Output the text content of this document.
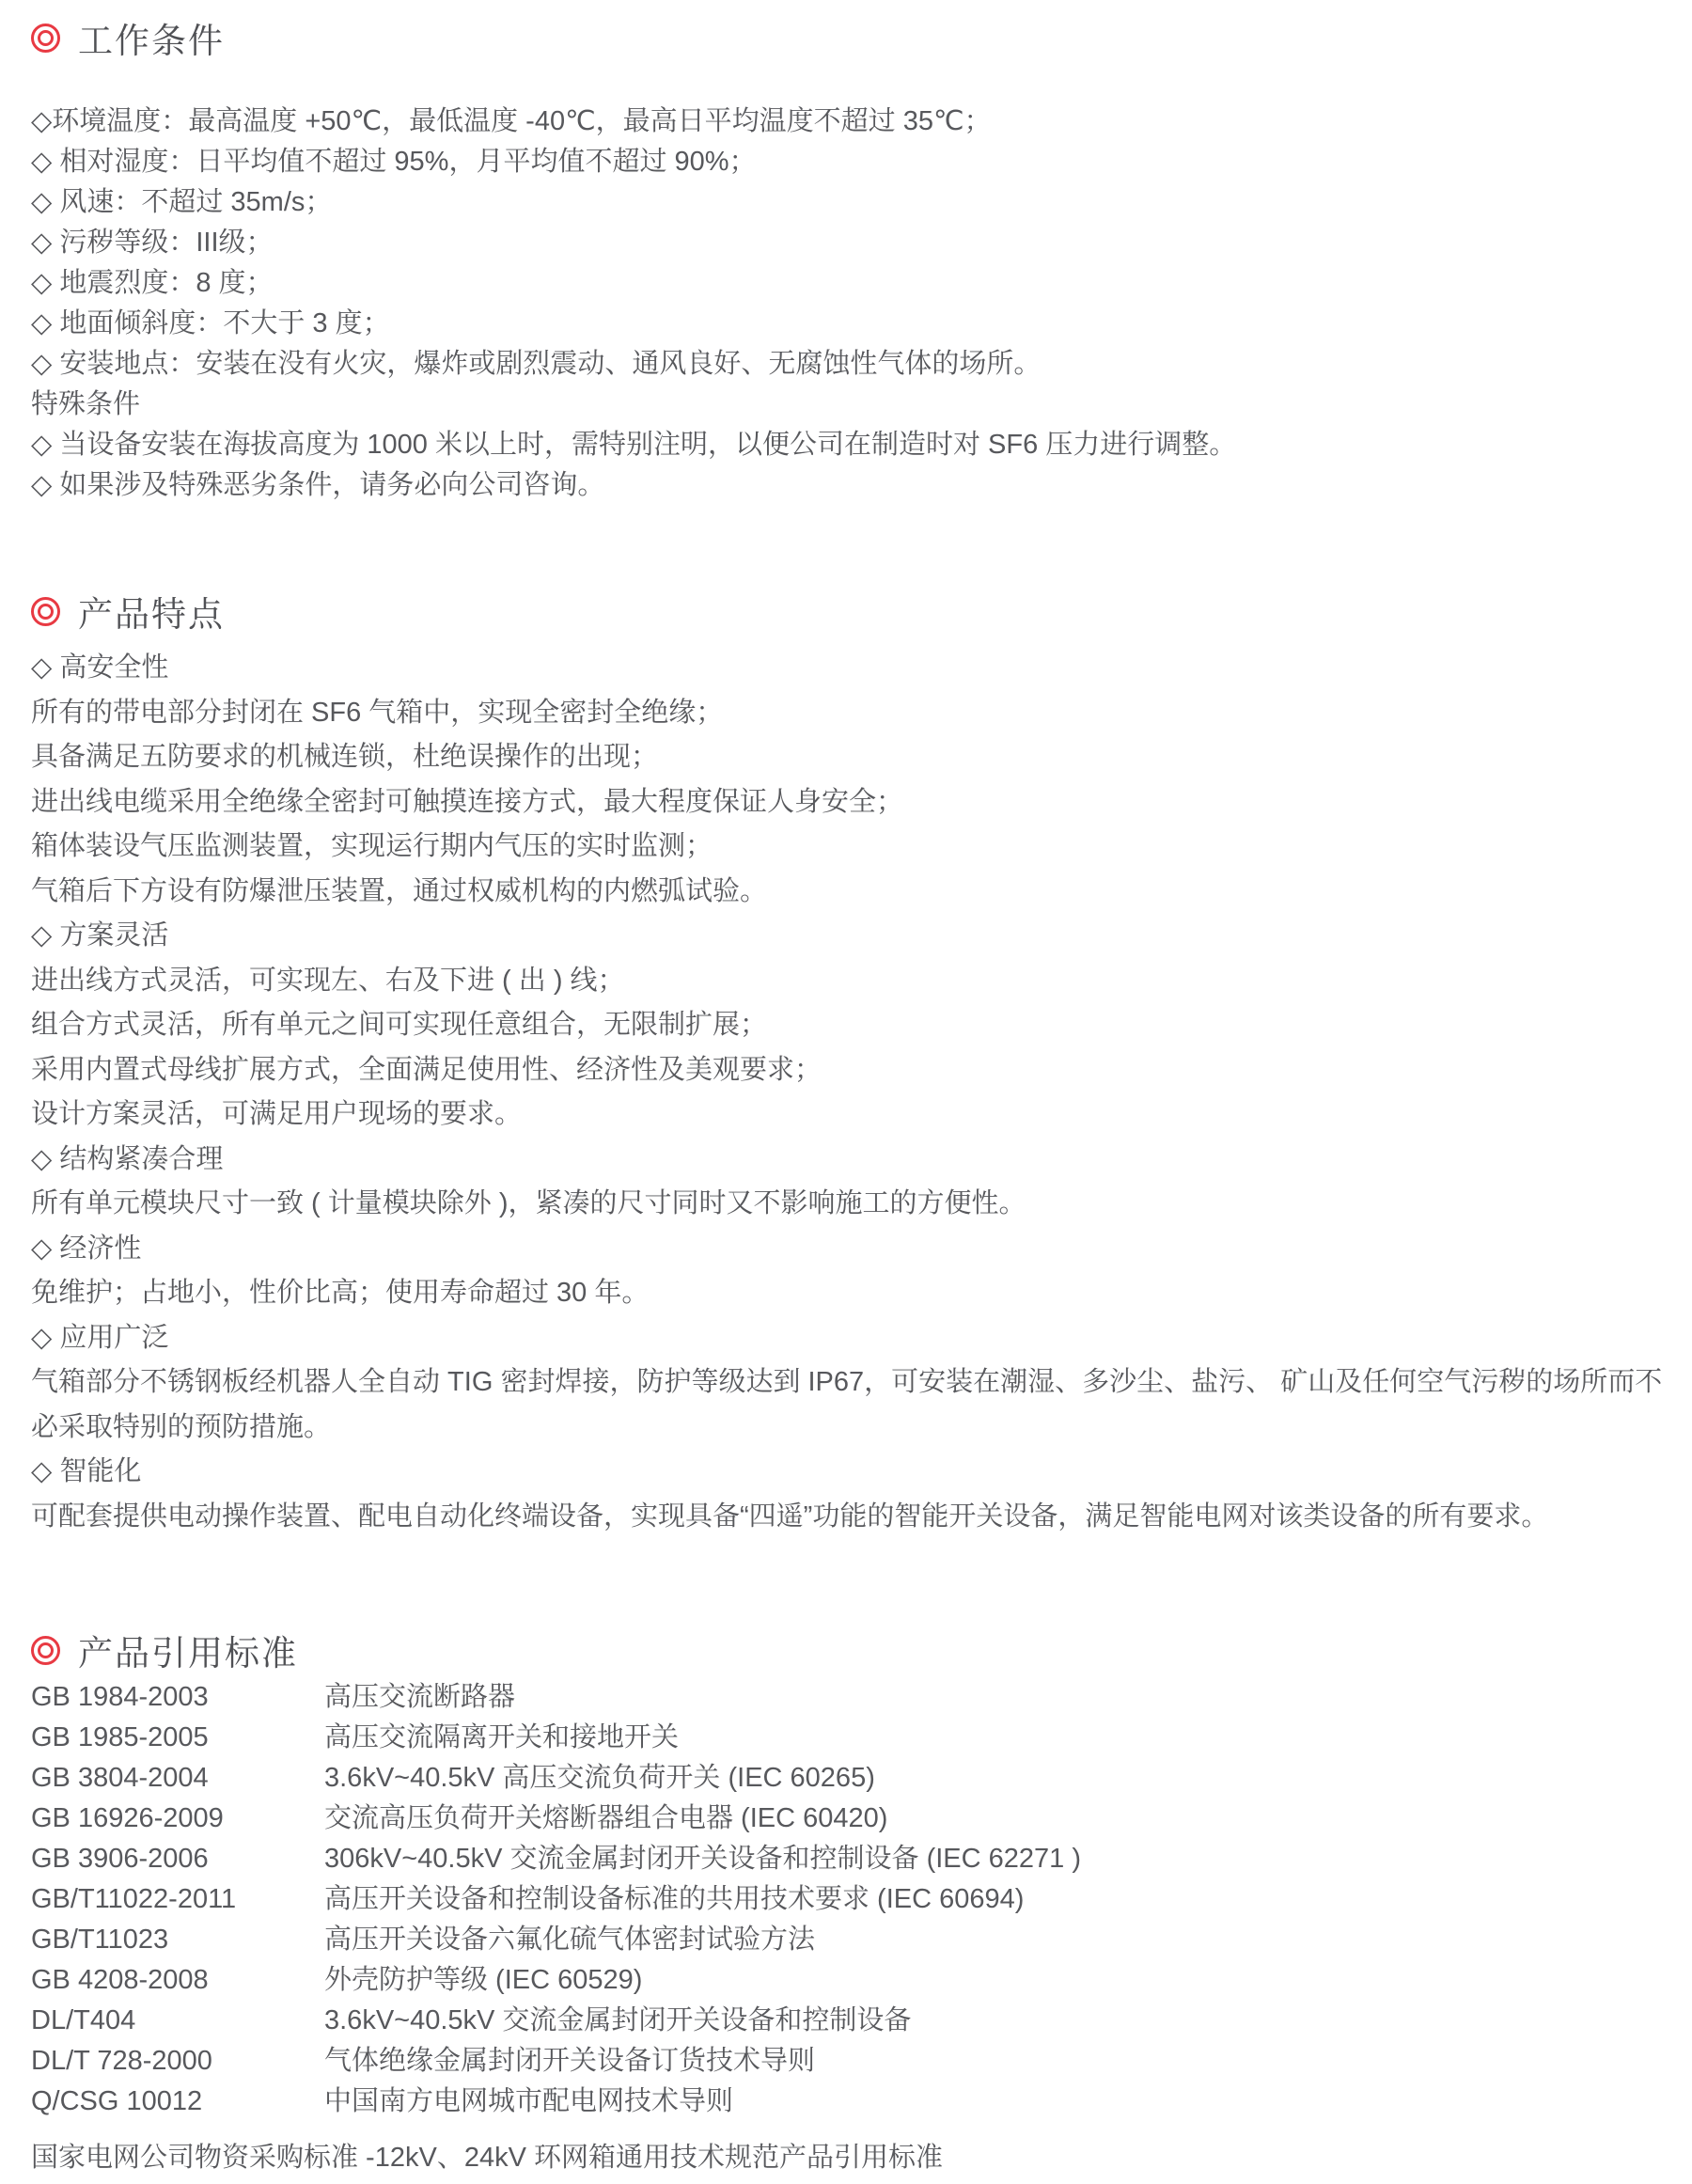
工作条件
◇环境温度：最高温度 +50℃，最低温度 -40℃，最高日平均温度不超过 35℃；
◇ 相对湿度：日平均值不超过 95%，月平均值不超过 90%；
◇ 风速：不超过 35m/s；
◇ 污秽等级：III级；
◇ 地震烈度：8 度；
◇ 地面倾斜度：不大于 3 度；
◇ 安装地点：安装在没有火灾，爆炸或剧烈震动、通风良好、无腐蚀性气体的场所。
特殊条件
◇ 当设备安装在海拔高度为 1000 米以上时，需特别注明，以便公司在制造时对 SF6 压力进行调整。
◇ 如果涉及特殊恶劣条件，请务必向公司咨询。
产品特点
◇ 高安全性
所有的带电部分封闭在 SF6 气箱中，实现全密封全绝缘；
具备满足五防要求的机械连锁，杜绝误操作的出现；
进出线电缆采用全绝缘全密封可触摸连接方式，最大程度保证人身安全；
箱体装设气压监测装置，实现运行期内气压的实时监测；
气箱后下方设有防爆泄压装置，通过权威机构的内燃弧试验。
◇ 方案灵活
进出线方式灵活，可实现左、右及下进 ( 出 ) 线；
组合方式灵活，所有单元之间可实现任意组合，无限制扩展；
采用内置式母线扩展方式，全面满足使用性、经济性及美观要求；
设计方案灵活，可满足用户现场的要求。
◇ 结构紧凑合理
所有单元模块尺寸一致 ( 计量模块除外 )，紧凑的尺寸同时又不影响施工的方便性。
◇ 经济性
免维护；占地小，性价比高；使用寿命超过 30 年。
◇ 应用广泛
气箱部分不锈钢板经机器人全自动 TIG 密封焊接，防护等级达到 IP67，可安装在潮湿、多沙尘、盐污、 矿山及任何空气污秽的场所而不必采取特别的预防措施。
◇ 智能化
可配套提供电动操作装置、配电自动化终端设备，实现具备“四遥”功能的智能开关设备，满足智能电网对该类设备的所有要求。
产品引用标准
GB 1984-2003	高压交流断路器
GB 1985-2005	高压交流隔离开关和接地开关
GB 3804-2004	3.6kV~40.5kV 高压交流负荷开关 (IEC 60265)
GB 16926-2009	交流高压负荷开关熔断器组合电器 (IEC 60420)
GB 3906-2006	306kV~40.5kV 交流金属封闭开关设备和控制设备 (IEC 62271 )
GB/T11022-2011	高压开关设备和控制设备标准的共用技术要求 (IEC 60694)
GB/T11023	高压开关设备六氟化硫气体密封试验方法
GB 4208-2008	外壳防护等级 (IEC 60529)
DL/T404	3.6kV~40.5kV 交流金属封闭开关设备和控制设备
DL/T 728-2000	气体绝缘金属封闭开关设备订货技术导则
Q/CSG 10012	中国南方电网城市配电网技术导则
国家电网公司物资采购标准 -12kV、24kV 环网箱通用技术规范产品引用标准
